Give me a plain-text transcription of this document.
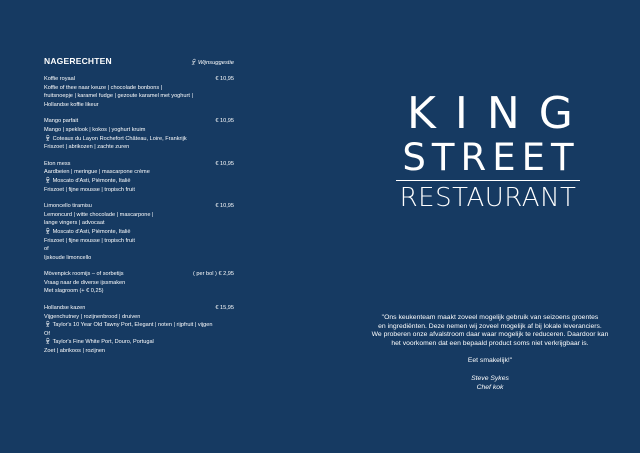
NAGERECHTEN	🍷︎Wijnsuggestie
Koffie royaal	€ 10,95
Koffie of thee naar keuze | chocolade bonbons |
fruitsnoepje | karamel fudge | gezoute karamel met yoghurt |
Hollandse koffie likeur
Mango parfait	€ 10,95
Mango | speklook | kokos | yoghurt kruim
🍷︎Coteaux du Layon Rochefort Château, Loire, Frankrijk
Friszoet | abrikozen | zachte zuren
Eton mess	€ 10,95
Aardbeien | meringue | mascarpone crème
🍷︎Moscato d'Asti, Piémonte, Italië
Friszoet | fijne mousse | tropisch fruit
Limoncello tiramisu	€ 10,95
Lemoncurd | witte chocolade | mascarpone |
lange vingers | advocaat
🍷︎Moscato d'Asti, Piémonte, Italië
Friszoet | fijne mousse | tropisch fruit
of
Ijskoude limoncello
Mövenpick roomijs – of sorbetijs	( per bol ) € 2,95
Vraag naar de diverse ijssmaken
Met slagroom (+ € 0,25)
Hollandse kazen	€ 15,95
Vijgenchutney | rozijnenbrood | druiven
🍷︎Taylor's 10 Year Old Tawny Port, Elegant | noten | rijpfruit | vijgen
Of
🍷︎Taylor's Fine White Port, Douro, Portugal
Zoet | abrikoos | rozijnen
KING
STREET
RESTAURANT

"Ons keukenteam maakt zoveel mogelijk gebruik van seizoens groentes

en ingrediënten. Deze nemen wij zoveel mogelijk af bij lokale leveranciers.

We proberen onze afvalstroom daar waar mogelijk te reduceren. Daardoor kan

het voorkomen dat een bepaald product soms niet verkrijgbaar is.

Eet smakelijk!"

Steve Sykes

Chef kok
